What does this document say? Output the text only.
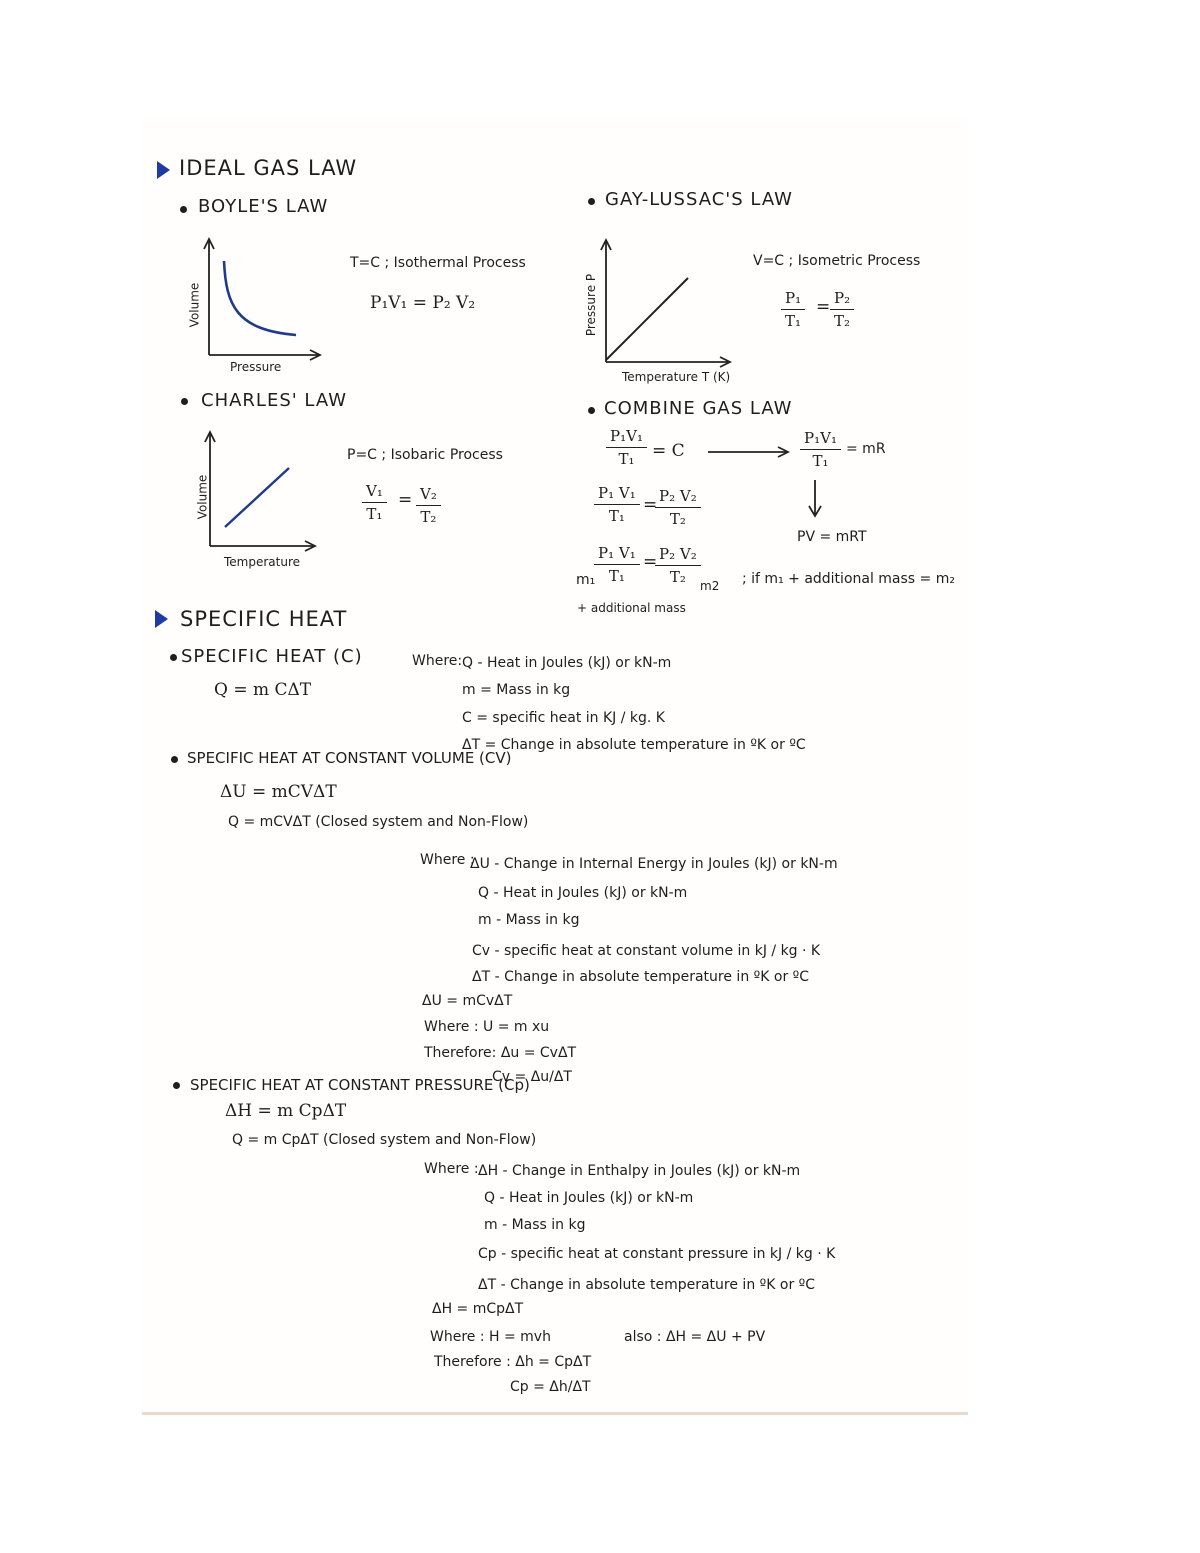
IDEAL GAS LAW
BOYLE'S LAW
Volume
Pressure
T=C ; Isothermal Process
P₁V₁ = P₂ V₂
GAY-LUSSAC'S LAW
Pressure P
Temperature T (K)
V=C ; Isometric Process
$\frac{\text{P₁}}{\text{T₁}} = \frac{\text{P₂}}{\text{T₂}}$
CHARLES' LAW
Volume
Temperature
P=C ; Isobaric Process
$\frac{\text{V₁}}{\text{T₁}} = \frac{\text{V₂}}{\text{T₂}}$
COMBINE GAS LAW
$\frac{\text{P₁V₁}}{\text{T₁}} = C$	$\frac{\text{P₁V₁}}{\text{T₁}}$ = mR
$\frac{\text{P₁ V₁}}{\text{T₁}}$ =
$\frac{\text{P₂ V₂}}{\text{T₂}}$
PV = mRT
$\frac{\text{P₁ V₁}}{\text{T₁}}$
m₁
=
$\frac{\text{P₂ V₂}}{\text{T₂}} m2$ ; if m₁ + additional mass = m₂
+ additional mass
SPECIFIC HEAT
SPECIFIC HEAT (C)
Q = m CΔT
Where: Q - Heat in Joules (kJ) or kN-m
m = Mass in kg
C = specific heat in KJ / kg. K
ΔT = Change in absolute temperature in ºK or ºC
SPECIFIC HEAT AT CONSTANT VOLUME (CV)
ΔU = mCVΔT
Q = mCVΔT (Closed system and Non-Flow)
Where :
ΔU - Change in Internal Energy in Joules (kJ) or kN-m
Q - Heat in Joules (kJ) or kN-m
m - Mass in kg
Cv - specific heat at constant volume in kJ / kg · K
ΔT - Change in absolute temperature in ºK or ºC
ΔU = mCvΔT
Where : U = m xu
Therefore: Δu = CvΔT
Cv = Δu/ΔT
SPECIFIC HEAT AT CONSTANT PRESSURE (Cp)
ΔH = m CpΔT
Q = m CpΔT (Closed system and Non-Flow)
Where : ΔH - Change in Enthalpy in Joules (kJ) or kN-m
Q - Heat in Joules (kJ) or kN-m
m - Mass in kg
Cp - specific heat at constant pressure in kJ / kg · K
ΔT - Change in absolute temperature in ºK or ºC
ΔH = mCpΔT
Where : H = mvh	also : ΔH = ΔU + PV
Therefore : Δh = CpΔT
Cp = Δh/ΔT
